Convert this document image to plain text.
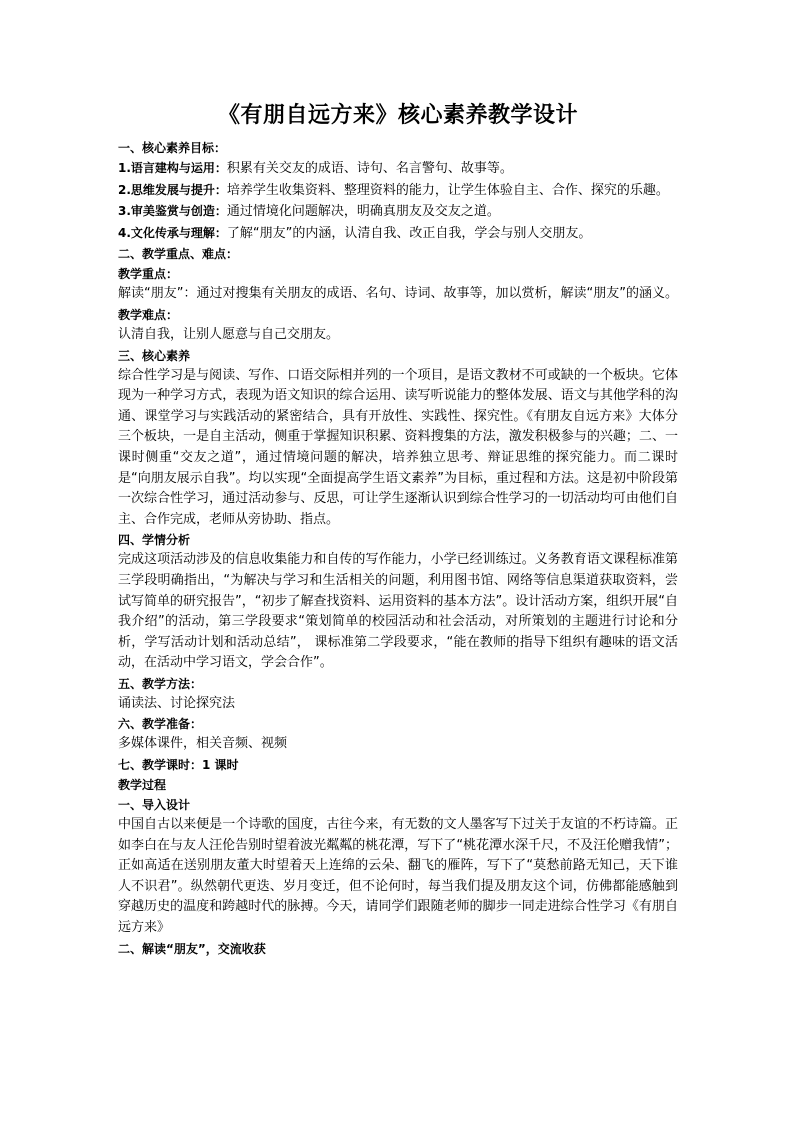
《有朋自远方来》核心素养教学设计
一、核心素养目标：
1.语言建构与运用：积累有关交友的成语、诗句、名言警句、故事等。
2.思维发展与提升：培养学生收集资料、整理资料的能力，让学生体验自主、合作、探究的乐趣。
3.审美鉴赏与创造：通过情境化问题解决，明确真朋友及交友之道。
4.文化传承与理解：了解“朋友”的内涵，认清自我、改正自我，学会与别人交朋友。
二、教学重点、难点：
教学重点：
解读“朋友”：通过对搜集有关朋友的成语、名句、诗词、故事等，加以赏析，解读“朋友”的涵义。
教学难点：
认清自我，让别人愿意与自己交朋友。
三、核心素养
综合性学习是与阅读、写作、口语交际相并列的一个项目，是语文教材不可或缺的一个板块。它体现为一种学习方式，表现为语文知识的综合运用、读写听说能力的整体发展、语文与其他学科的沟通、课堂学习与实践活动的紧密结合，具有开放性、实践性、探究性。《有朋友自远方来》大体分三个板块，一是自主活动，侧重于掌握知识积累、资料搜集的方法，激发积极参与的兴趣；二、一课时侧重“交友之道”，通过情境问题的解决，培养独立思考、辩证思维的探究能力。而二课时是“向朋友展示自我”。均以实现“全面提高学生语文素养”为目标，重过程和方法。这是初中阶段第一次综合性学习，通过活动参与、反思，可让学生逐渐认识到综合性学习的一切活动均可由他们自主、合作完成，老师从旁协助、指点。
四、学情分析
完成这项活动涉及的信息收集能力和自传的写作能力，小学已经训练过。义务教育语文课程标准第三学段明确指出，“为解决与学习和生活相关的问题，利用图书馆、网络等信息渠道获取资料，尝试写简单的研究报告”，“初步了解查找资料、运用资料的基本方法”。设计活动方案，组织开展“自我介绍”的活动，第三学段要求“策划简单的校园活动和社会活动，对所策划的主题进行讨论和分析，学写活动计划和活动总结”， 课标准第二学段要求，“能在教师的指导下组织有趣味的语文活动，在活动中学习语文，学会合作”。
五、教学方法：
诵读法、讨论探究法
六、教学准备：
多媒体课件，相关音频、视频
七、教学课时：1 课时
教学过程
一、导入设计
中国自古以来便是一个诗歌的国度，古往今来，有无数的文人墨客写下过关于友谊的不朽诗篇。正如李白在与友人汪伦告别时望着波光粼粼的桃花潭，写下了“桃花潭水深千尺，不及汪伦赠我情”；正如高适在送别朋友董大时望着天上连绵的云朵、翻飞的雁阵，写下了“莫愁前路无知己，天下谁人不识君”。纵然朝代更迭、岁月变迁，但不论何时，每当我们提及朋友这个词，仿佛都能感触到穿越历史的温度和跨越时代的脉搏。今天，请同学们跟随老师的脚步一同走进综合性学习《有朋自远方来》
二、解读“朋友”，交流收获
